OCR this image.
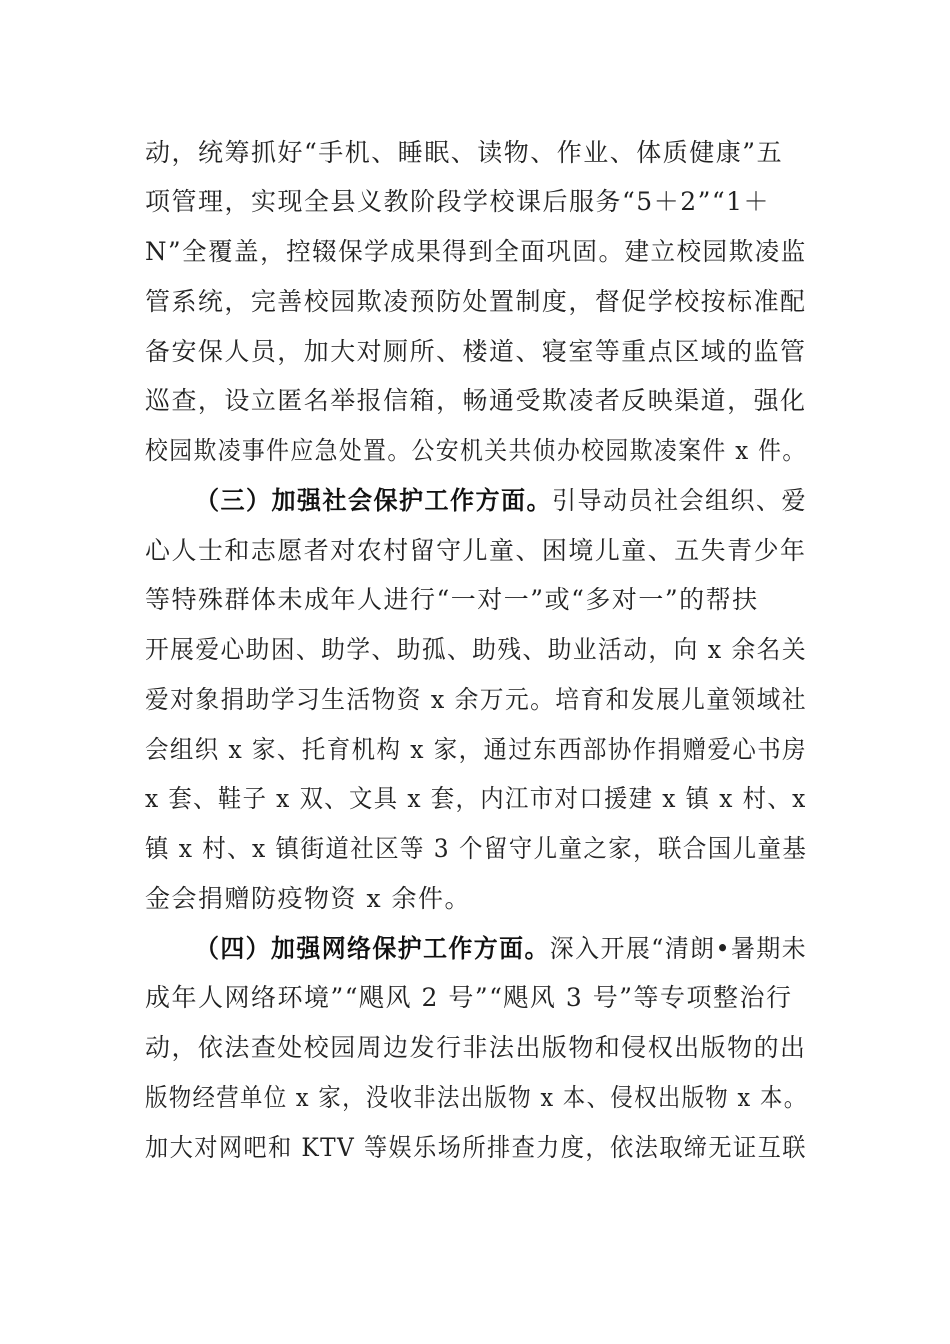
动，统筹抓好“手机、睡眠、读物、作业、体质健康”五
项管理，实现全县义教阶段学校课后服务“5＋2”“1＋
N”全覆盖，控辍保学成果得到全面巩固。建立校园欺凌监
管系统，完善校园欺凌预防处置制度，督促学校按标准配
备安保人员，加大对厕所、楼道、寝室等重点区域的监管
巡查，设立匿名举报信箱，畅通受欺凌者反映渠道，强化
校园欺凌事件应急处置。公安机关共侦办校园欺凌案件 x 件。
（三）加强社会保护工作方面。引导动员社会组织、爱
心人士和志愿者对农村留守儿童、困境儿童、五失青少年
等特殊群体未成年人进行“一对一”或“多对一”的帮扶
开展爱心助困、助学、助孤、助残、助业活动，向 x 余名关
爱对象捐助学习生活物资 x 余万元。培育和发展儿童领域社
会组织 x 家、托育机构 x 家，通过东西部协作捐赠爱心书房
x 套、鞋子 x 双、文具 x 套，内江市对口援建 x 镇 x 村、x
镇 x 村、x 镇街道社区等 3 个留守儿童之家，联合国儿童基
金会捐赠防疫物资 x 余件。
（四）加强网络保护工作方面。深入开展“清朗•暑期未
成年人网络环境”“飓风 2 号”“飓风 3 号”等专项整治行
动，依法查处校园周边发行非法出版物和侵权出版物的出
版物经营单位 x 家，没收非法出版物 x 本、侵权出版物 x 本。
加大对网吧和 KTV 等娱乐场所排查力度，依法取缔无证互联
